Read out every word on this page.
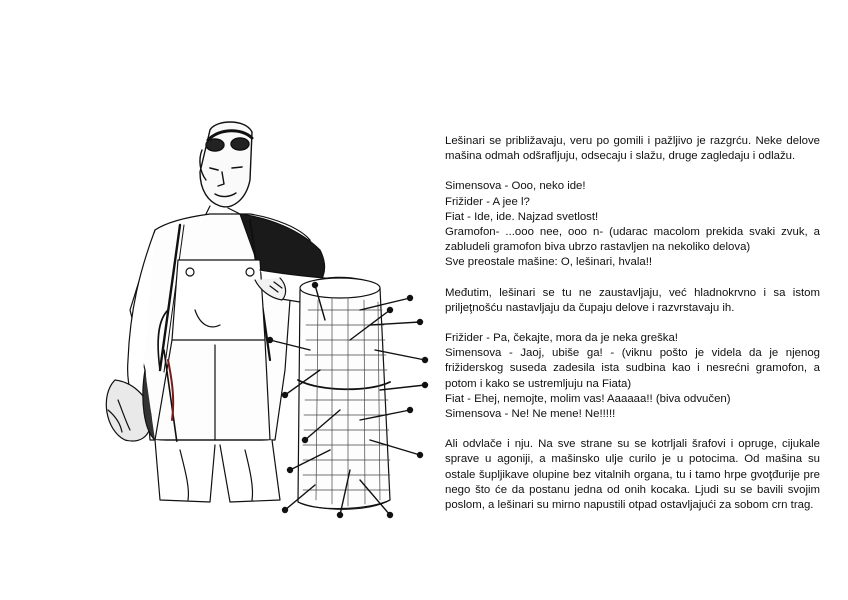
Lešinari se približavaju, veru po gomili i pažljivo je razgrću. Neke delove mašina odmah odšrafljuju, odsecaju i slažu, druge zagledaju i odlažu.

Simensova - Ooo, neko ide!
Frižider - A jee l?
Fiat - Ide, ide. Najzad svetlost!
Gramofon- ...ooo nee, ooo n- (udarac macolom prekida svaki zvuk, a zabludeli gramofon biva ubrzo rastavljen na nekoliko delova)
Sve preostale mašine: O, lešinari, hvala!!

Međutim, lešinari se tu ne zaustavljaju, već hladnokrvno i sa istom priljeţnošću nastavljaju da čupaju delove i razvrstavaju ih.

Frižider - Pa, čekajte, mora da je neka greška!
Simensova - Jaoj, ubiše ga! - (viknu pošto je videla da je njenog frižiderskog suseda zadesila ista sudbina kao i nesrećni gramofon, a potom i kako se ustremljuju na Fiata)
Fiat - Ehej, nemojte, molim vas! Aaaaaa!! (biva odvučen)
Simensova - Ne! Ne mene! Ne!!!!!

Ali odvlače i nju. Na sve strane su se kotrljali šrafovi i opruge, cijukale sprave u agoniji, a mašinsko ulje curilo je u potocima. Od mašina su ostale šupljikave olupine bez vitalnih organa, tu i tamo hrpe gvoţđurije pre nego što će da postanu jedna od onih kocaka. Ljudi su se bavili svojim poslom, a lešinari su mirno napustili otpad ostavljajući za sobom crn trag.
